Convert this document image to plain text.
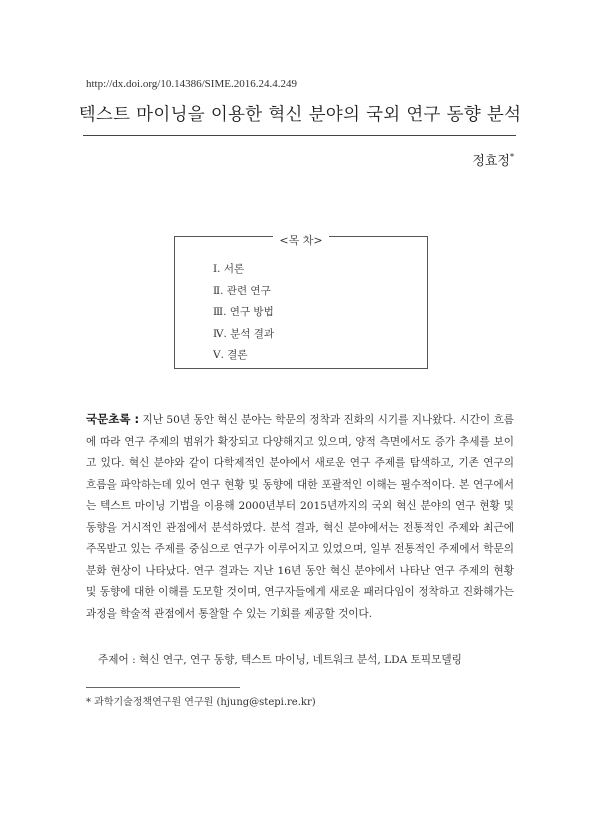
http://dx.doi.org/10.14386/SIME.2016.24.4.249
텍스트 마이닝을 이용한 혁신 분야의 국외 연구 동향 분석
정효정*
<목 차>
Ⅰ. 서론
Ⅱ. 관련 연구
Ⅲ. 연구 방법
Ⅳ. 분석 결과
Ⅴ. 결론
국문초록 : 지난 50년 동안 혁신 분야는 학문의 정착과 진화의 시기를 지나왔다. 시간이 흐름에 따라 연구 주제의 범위가 확장되고 다양해지고 있으며, 양적 측면에서도 증가 추세를 보이고 있다. 혁신 분야와 같이 다학제적인 분야에서 새로운 연구 주제를 탐색하고, 기존 연구의 흐름을 파악하는데 있어 연구 현황 및 동향에 대한 포괄적인 이해는 필수적이다. 본 연구에서는 텍스트 마이닝 기법을 이용해 2000년부터 2015년까지의 국외 혁신 분야의 연구 현황 및 동향을 거시적인 관점에서 분석하였다. 분석 결과, 혁신 분야에서는 전통적인 주제와 최근에 주목받고 있는 주제를 중심으로 연구가 이루어지고 있었으며, 일부 전통적인 주제에서 학문의 분화 현상이 나타났다. 연구 결과는 지난 16년 동안 혁신 분야에서 나타난 연구 주제의 현황 및 동향에 대한 이해를 도모할 것이며, 연구자들에게 새로운 패러다임이 정착하고 진화해가는 과정을 학술적 관점에서 통찰할 수 있는 기회를 제공할 것이다.
주제어 : 혁신 연구, 연구 동향, 텍스트 마이닝, 네트워크 분석, LDA 토픽모델링
* 과학기술정책연구원 연구원 (hjung@stepi.re.kr)
